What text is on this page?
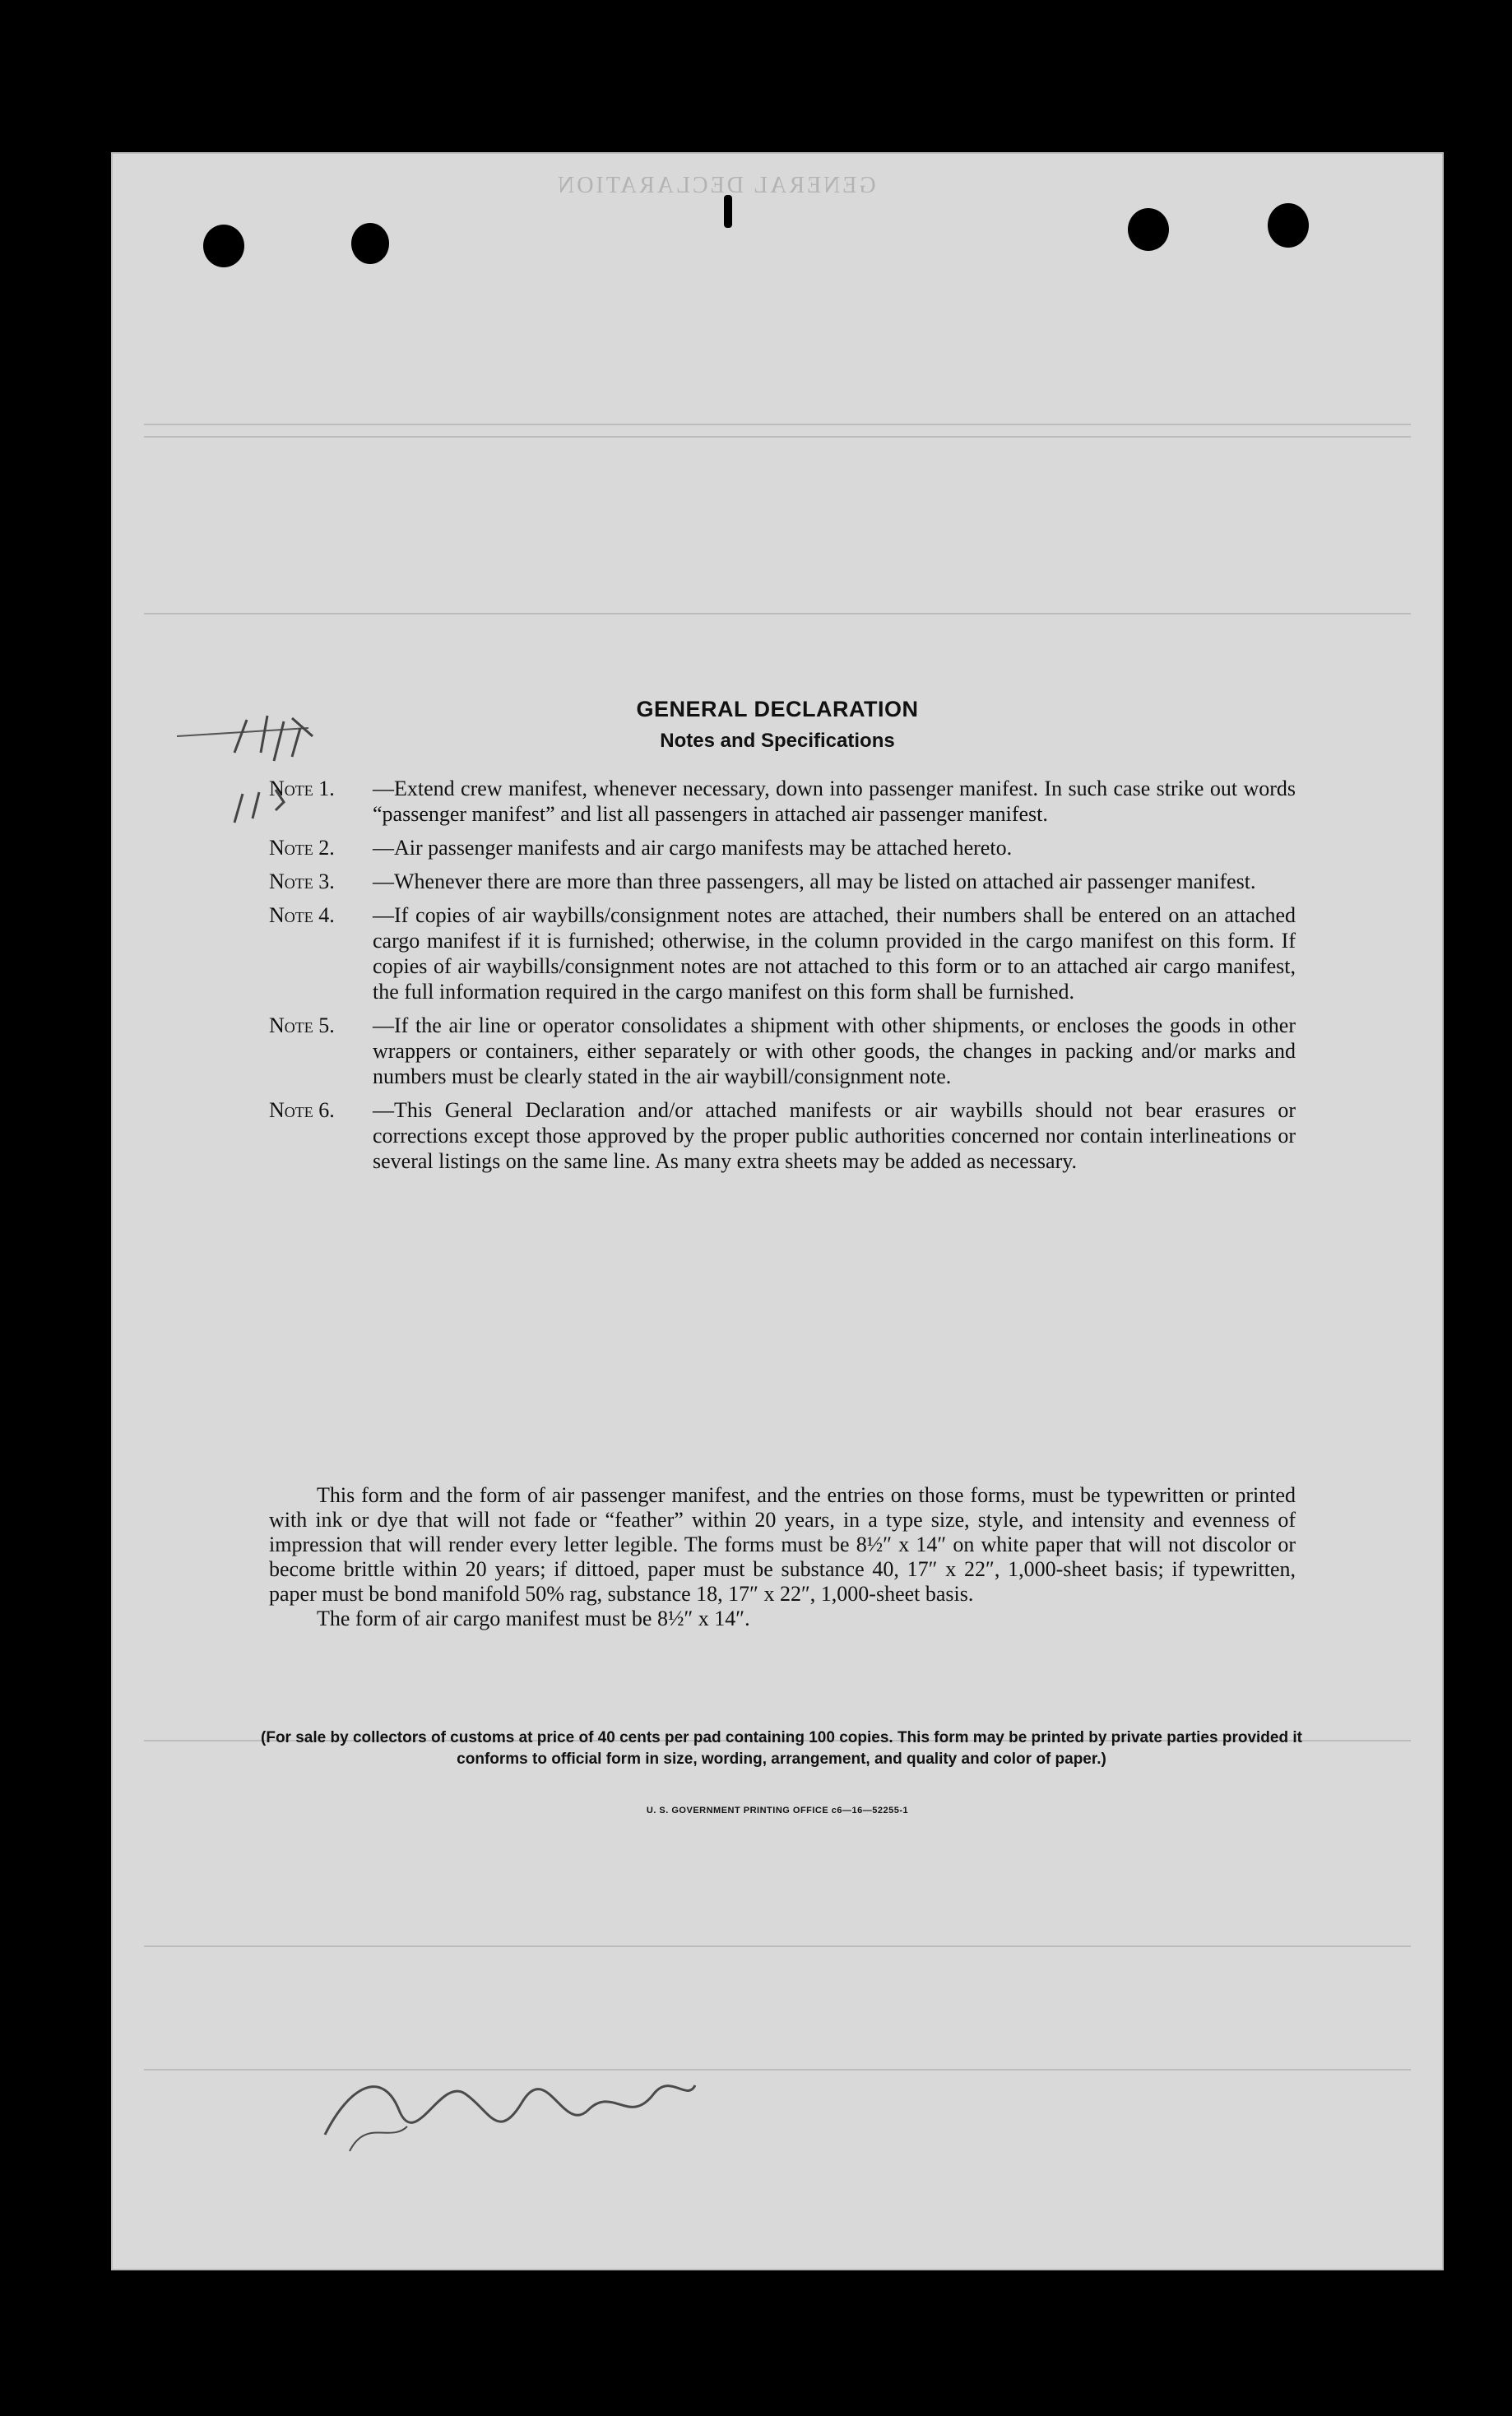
GENERAL DECLARATION
GENERAL DECLARATION
Notes and Specifications
Note 1. —Extend crew manifest, whenever necessary, down into passenger manifest. In such case strike out words “passenger manifest” and list all passengers in attached air passenger manifest.
Note 2. —Air passenger manifests and air cargo manifests may be attached hereto.
Note 3. —Whenever there are more than three passengers, all may be listed on attached air passenger manifest.
Note 4. —If copies of air waybills/consignment notes are attached, their numbers shall be entered on an attached cargo manifest if it is furnished; otherwise, in the column provided in the cargo manifest on this form. If copies of air waybills/consignment notes are not attached to this form or to an attached air cargo manifest, the full information required in the cargo manifest on this form shall be furnished.
Note 5. —If the air line or operator consolidates a shipment with other shipments, or encloses the goods in other wrappers or containers, either separately or with other goods, the changes in packing and/or marks and numbers must be clearly stated in the air waybill/consignment note.
Note 6. —This General Declaration and/or attached manifests or air waybills should not bear erasures or corrections except those approved by the proper public authorities concerned nor contain interlineations or several listings on the same line. As many extra sheets may be added as necessary.
This form and the form of air passenger manifest, and the entries on those forms, must be typewritten or printed with ink or dye that will not fade or “feather” within 20 years, in a type size, style, and intensity and evenness of impression that will render every letter legible. The forms must be 8½″ x 14″ on white paper that will not discolor or become brittle within 20 years; if dittoed, paper must be substance 40, 17″ x 22″, 1,000-sheet basis; if typewritten, paper must be bond manifold 50% rag, substance 18, 17″ x 22″, 1,000-sheet basis.
The form of air cargo manifest must be 8½″ x 14″.
(For sale by collectors of customs at price of 40 cents per pad containing 100 copies. This form may be printed by private parties provided it conforms to official form in size, wording, arrangement, and quality and color of paper.)
U. S. GOVERNMENT PRINTING OFFICE c6—16—52255-1
